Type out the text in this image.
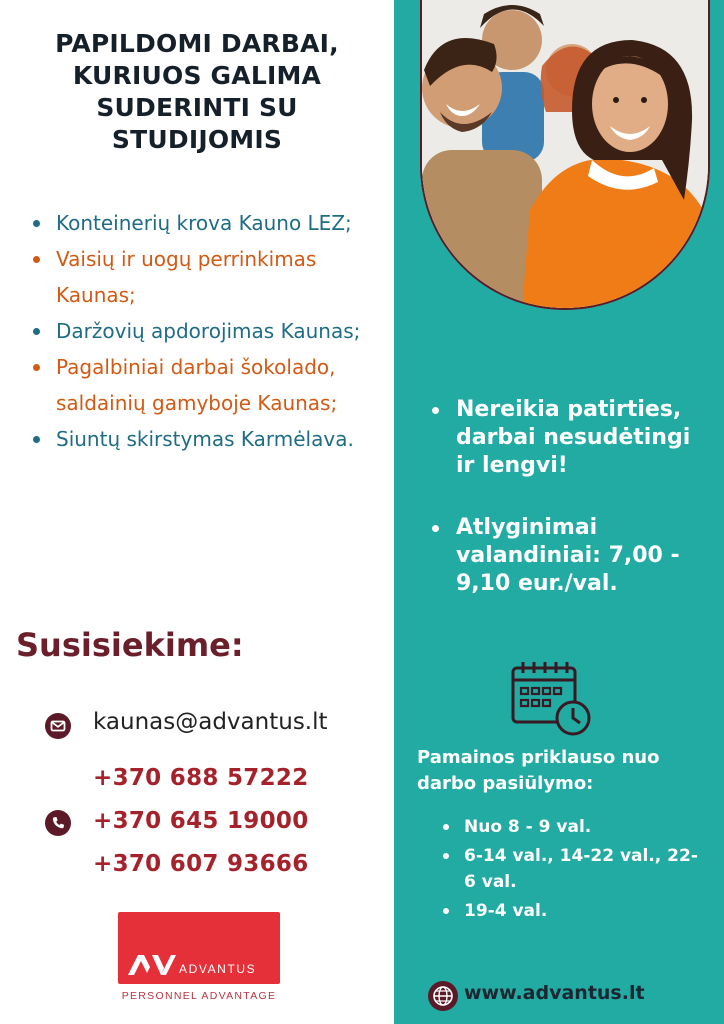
PAPILDOMI DARBAI, KURIUOS GALIMA SUDERINTI SU STUDIJOMIS
Konteinerių krova Kauno LEZ;
Vaisių ir uogų perrinkimas Kaunas;
Daržovių apdorojimas Kaunas;
Pagalbiniai darbai šokolado, saldainių gamyboje Kaunas;
Siuntų skirstymas Karmėlava.
Susisiekime:
kaunas@advantus.lt
+370 688 57222
+370 645 19000
+370 607 93666
ADVANTUS
PERSONNEL ADVANTAGE
Nereikia patirties, darbai nesudėtingi ir lengvi!
Atlyginimai valandiniai: 7,00 - 9,10 eur./val.
Pamainos priklauso nuo darbo pasiūlymo:
Nuo 8 - 9 val.
6-14 val., 14-22 val., 22-6 val.
19-4 val.
www.advantus.lt
